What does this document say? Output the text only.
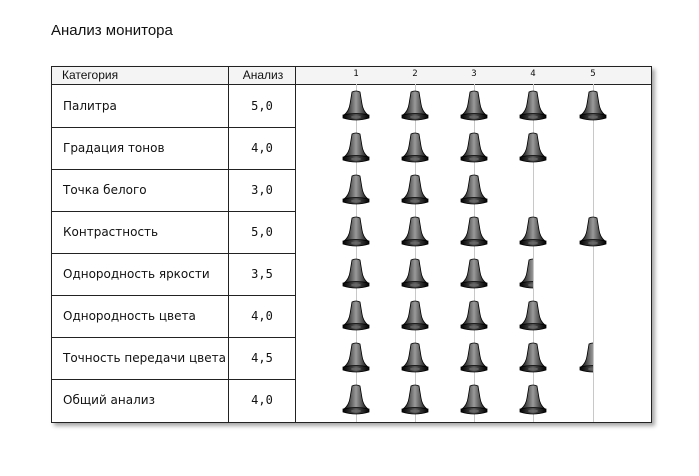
Анализ монитора
Категория	Анализ	1	2	3	4	5
Палитра	5,0
Градация тонов	4,0
Точка белого	3,0
Контрастность	5,0
Однородность яркости	3,5
Однородность цвета	4,0
Точность передачи цвета	4,5
Общий анализ	4,0
